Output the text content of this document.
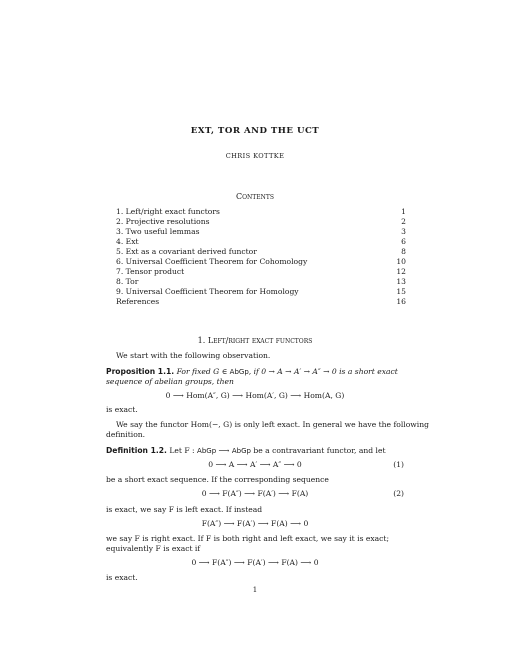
EXT, TOR AND THE UCT
CHRIS KOTTKE
Contents
1. Left/right exact functors	1
2. Projective resolutions	2
3. Two useful lemmas	3
4. Ext	6
5. Ext as a covariant derived functor	8
6. Universal Coefficient Theorem for Cohomology	10
7. Tensor product	12
8. Tor	13
9. Universal Coefficient Theorem for Homology	15
References	16
1. Left/right exact functors
We start with the following observation.
Proposition 1.1. For fixed G ∈ AbGp, if 0 → A → A′ → A″ → 0 is a short exact
sequence of abelian groups, then
0 ⟶ Hom(A″, G) ⟶ Hom(A′, G) ⟶ Hom(A, G)
is exact.
We say the functor Hom(−, G) is only left exact. In general we have the following
definition.
Definition 1.2. Let F : AbGp ⟶ AbGp be a contravariant functor, and let
0 ⟶ A ⟶ A′ ⟶ A″ ⟶ 0	(1)
be a short exact sequence. If the corresponding sequence
0 ⟶ F(A″) ⟶ F(A′) ⟶ F(A)	(2)
is exact, we say F is left exact. If instead
F(A″) ⟶ F(A′) ⟶ F(A) ⟶ 0
we say F is right exact. If F is both right and left exact, we say it is exact;
equivalently F is exact if
0 ⟶ F(A″) ⟶ F(A′) ⟶ F(A) ⟶ 0
is exact.
1
